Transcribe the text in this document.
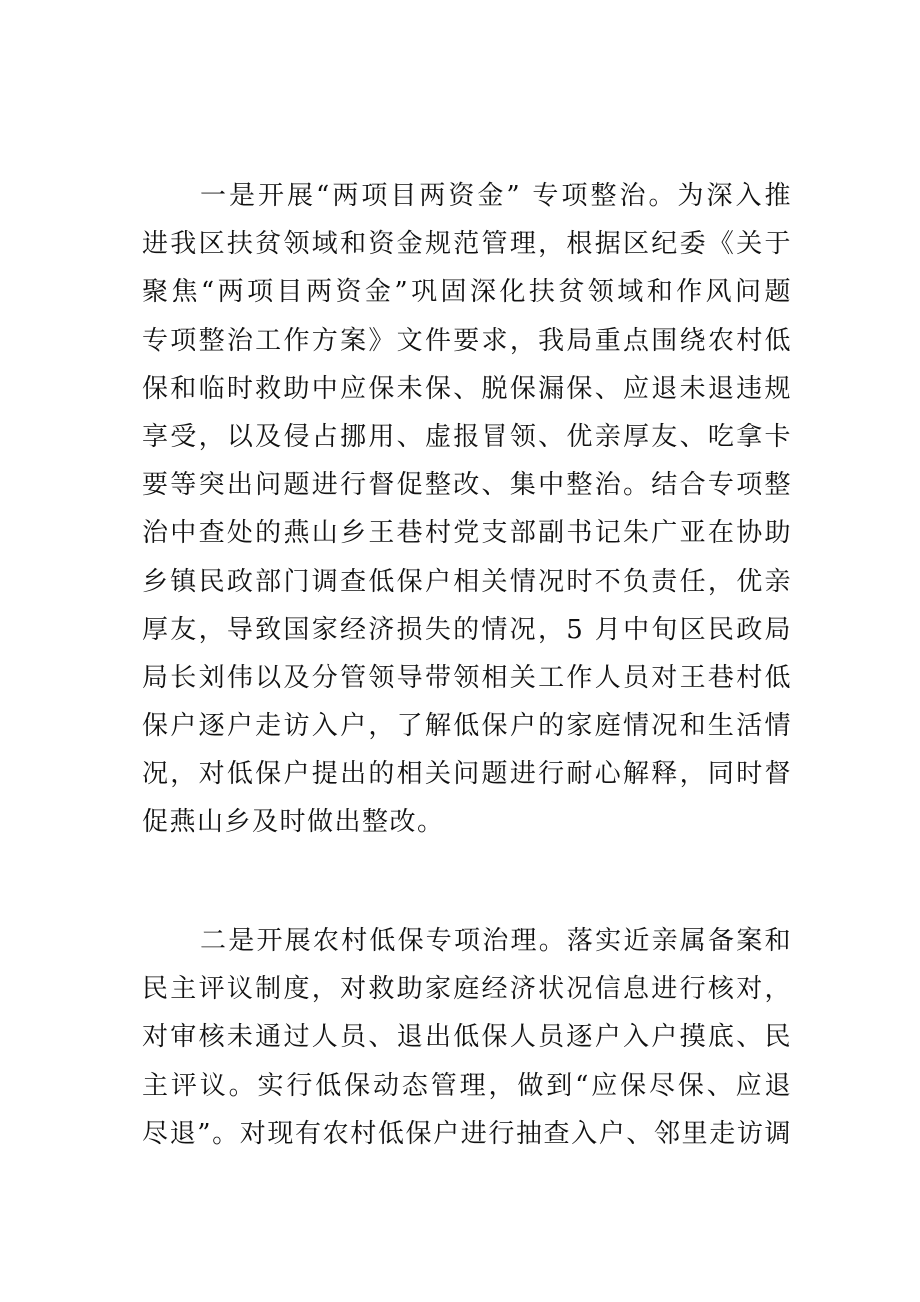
一是开展“两项目两资金” 专项整治。为深入推
进我区扶贫领域和资金规范管理，根据区纪委《关于
聚焦“两项目两资金”巩固深化扶贫领域和作风问题
专项整治工作方案》文件要求，我局重点围绕农村低
保和临时救助中应保未保、脱保漏保、应退未退违规
享受，以及侵占挪用、虚报冒领、优亲厚友、吃拿卡
要等突出问题进行督促整改、集中整治。结合专项整
治中查处的燕山乡王巷村党支部副书记朱广亚在协助
乡镇民政部门调查低保户相关情况时不负责任，优亲
厚友，导致国家经济损失的情况，5 月中旬区民政局
局长刘伟以及分管领导带领相关工作人员对王巷村低
保户逐户走访入户，了解低保户的家庭情况和生活情
况，对低保户提出的相关问题进行耐心解释，同时督
促燕山乡及时做出整改。
二是开展农村低保专项治理。落实近亲属备案和
民主评议制度，对救助家庭经济状况信息进行核对，
对审核未通过人员、退出低保人员逐户入户摸底、民
主评议。实行低保动态管理，做到“应保尽保、应退
尽退”。对现有农村低保户进行抽查入户、邻里走访调
